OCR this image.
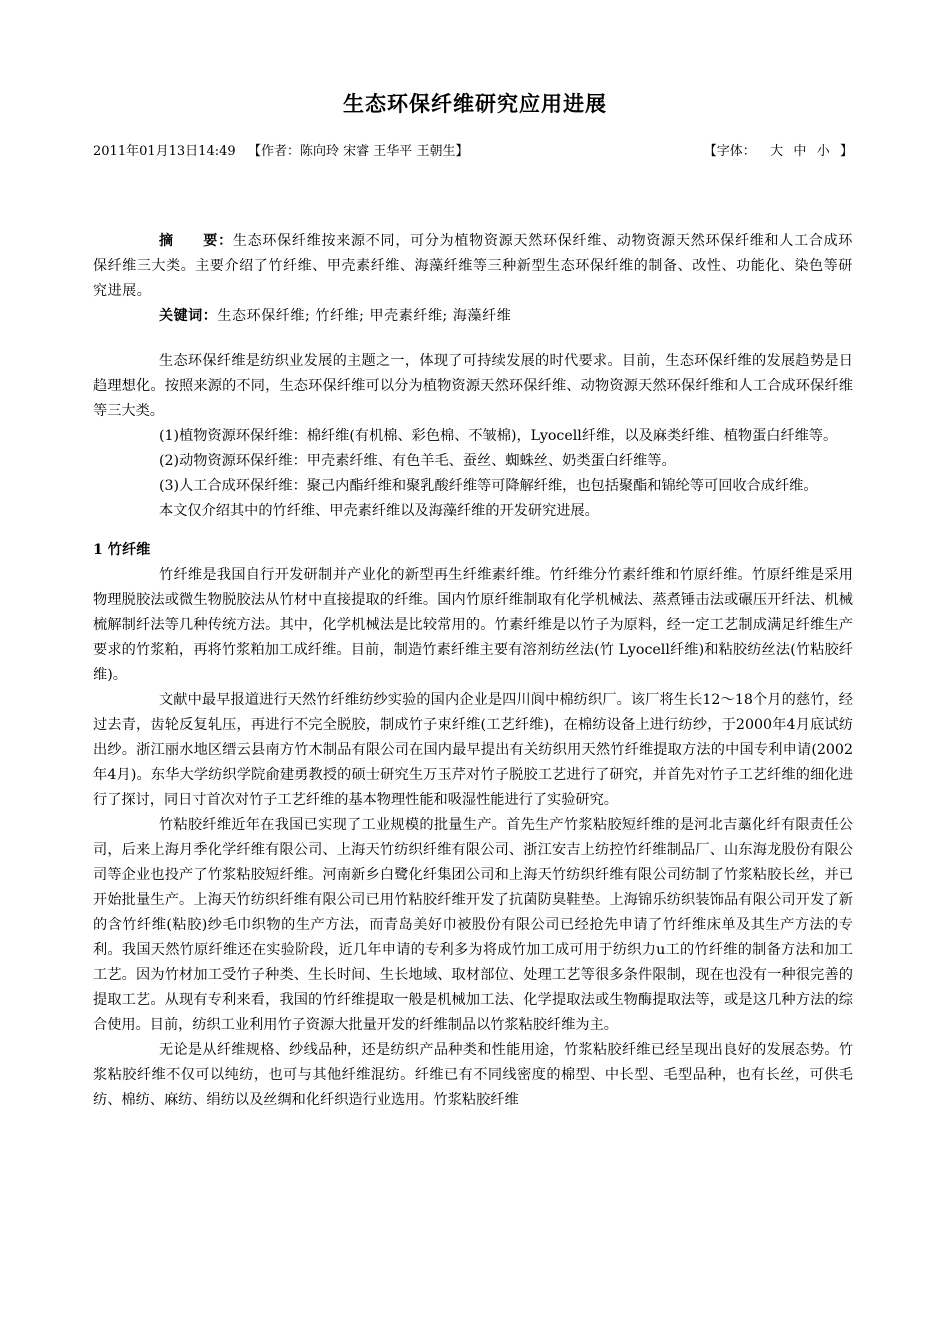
生态环保纤维研究应用进展
2011年01月13日14:49 【作者：陈向玲 宋睿 王华平 王朝生】	【字体： 大 中 小 】

摘　　要：生态环保纤维按来源不同，可分为植物资源天然环保纤维、动物资源天然环保纤维和人工合成环保纤维三大类。主要介绍了竹纤维、甲壳素纤维、海藻纤维等三种新型生态环保纤维的制备、改性、功能化、染色等研究进展。

关键词：生态环保纤维; 竹纤维; 甲壳素纤维; 海藻纤维

生态环保纤维是纺织业发展的主题之一，体现了可持续发展的时代要求。目前，生态环保纤维的发展趋势是日趋理想化。按照来源的不同，生态环保纤维可以分为植物资源天然环保纤维、动物资源天然环保纤维和人工合成环保纤维等三大类。

(1)植物资源环保纤维：棉纤维(有机棉、彩色棉、不皱棉)，Lyocell纤维，以及麻类纤维、植物蛋白纤维等。

(2)动物资源环保纤维：甲壳素纤维、有色羊毛、蚕丝、蜘蛛丝、奶类蛋白纤维等。

(3)人工合成环保纤维：聚己内酯纤维和聚乳酸纤维等可降解纤维，也包括聚酯和锦纶等可回收合成纤维。

本文仅介绍其中的竹纤维、甲壳素纤维以及海藻纤维的开发研究进展。

1 竹纤维

竹纤维是我国自行开发研制并产业化的新型再生纤维素纤维。竹纤维分竹素纤维和竹原纤维。竹原纤维是采用物理脱胶法或微生物脱胶法从竹材中直接提取的纤维。国内竹原纤维制取有化学机械法、蒸煮锤击法或碾压开纤法、机械梳解制纤法等几种传统方法。其中，化学机械法是比较常用的。竹素纤维是以竹子为原料，经一定工艺制成满足纤维生产要求的竹浆粕，再将竹浆粕加工成纤维。目前，制造竹素纤维主要有溶剂纺丝法(竹 Lyocell纤维)和粘胶纺丝法(竹粘胶纤维)。

文献中最早报道进行天然竹纤维纺纱实验的国内企业是四川阆中棉纺织厂。该厂将生长12～18个月的慈竹，经过去青，齿轮反复轧压，再进行不完全脱胶，制成竹子束纤维(工艺纤维)，在棉纺设备上进行纺纱，于2000年4月底试纺出纱。浙江丽水地区缙云县南方竹木制品有限公司在国内最早提出有关纺织用天然竹纤维提取方法的中国专利申请(2002年4月)。东华大学纺织学院俞建勇教授的硕士研究生万玉芹对竹子脱胶工艺进行了研究，并首先对竹子工艺纤维的细化进行了探讨，同日寸首次对竹子工艺纤维的基本物理性能和吸湿性能进行了实验研究。

竹粘胶纤维近年在我国已实现了工业规模的批量生产。首先生产竹浆粘胶短纤维的是河北吉藁化纤有限责任公司，后来上海月季化学纤维有限公司、上海天竹纺织纤维有限公司、浙江安吉上纺控竹纤维制品厂、山东海龙股份有限公司等企业也投产了竹浆粘胶短纤维。河南新乡白鹭化纤集团公司和上海天竹纺织纤维有限公司纺制了竹浆粘胶长丝，并已开始批量生产。上海天竹纺织纤维有限公司已用竹粘胶纤维开发了抗菌防臭鞋垫。上海锦乐纺织装饰品有限公司开发了新的含竹纤维(粘胶)纱毛巾织物的生产方法，而青岛美好巾被股份有限公司已经抢先申请了竹纤维床单及其生产方法的专利。我国天然竹原纤维还在实验阶段，近几年申请的专利多为将成竹加工成可用于纺织力u工的竹纤维的制备方法和加工工艺。因为竹材加工受竹子种类、生长时间、生长地域、取材部位、处理工艺等很多条件限制，现在也没有一种很完善的提取工艺。从现有专利来看，我国的竹纤维提取一般是机械加工法、化学提取法或生物酶提取法等，或是这几种方法的综合使用。目前，纺织工业利用竹子资源大批量开发的纤维制品以竹浆粘胶纤维为主。

无论是从纤维规格、纱线品种，还是纺织产品种类和性能用途，竹浆粘胶纤维已经呈现出良好的发展态势。竹浆粘胶纤维不仅可以纯纺，也可与其他纤维混纺。纤维已有不同线密度的棉型、中长型、毛型品种，也有长丝，可供毛纺、棉纺、麻纺、绢纺以及丝绸和化纤织造行业选用。竹浆粘胶纤维
